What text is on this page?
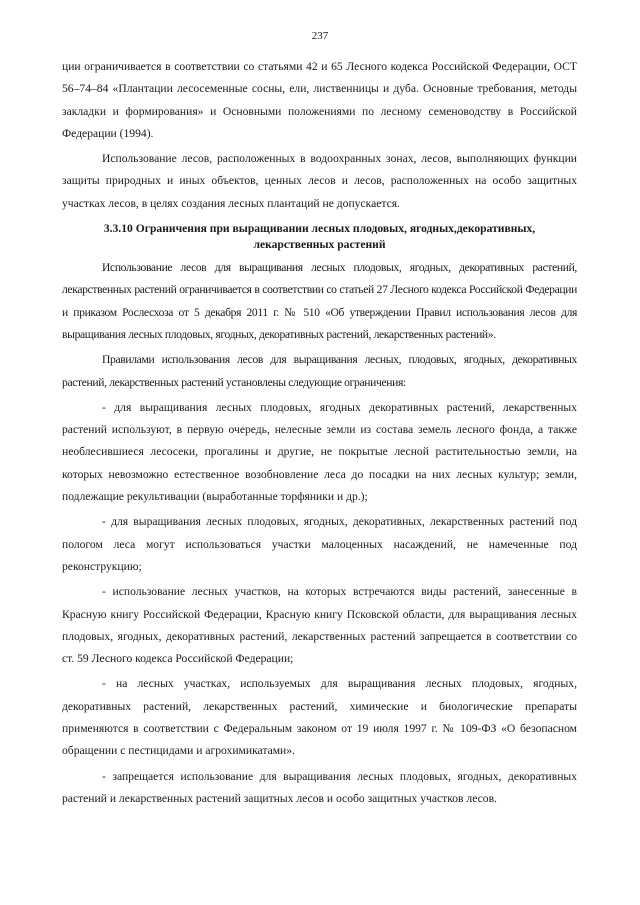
237

ции ограничивается в соответствии со статьями 42 и 65 Лесного кодекса Российской Федерации, ОСТ 56–74–84 «Плантации лесосеменные сосны, ели, лиственницы и дуба. Основные требования, методы закладки и формирования» и Основными положениями по лесному семеноводству в Российской Федерации (1994).

Использование лесов, расположенных в водоохранных зонах, лесов, выполняющих функции защиты природных и иных объектов, ценных лесов и лесов, расположенных на особо защитных участках лесов, в целях создания лесных плантаций не допускается.

3.3.10 Ограничения при выращивании лесных плодовых, ягодных,декоративных,
лекарственных растений

Использование лесов для выращивания лесных плодовых, ягодных, декоративных растений, лекарственных растений ограничивается в соответствии со статьей 27 Лесного кодекса Российской Федерации и приказом Рослесхоза от 5 декабря 2011 г. № 510 «Об утверждении Правил использования лесов для выращивания лесных плодовых, ягодных, декоративных растений, лекарственных растений».

Правилами использования лесов для выращивания лесных, плодовых, ягодных, декоративных растений, лекарственных растений установлены следующие ограничения:

- для выращивания лесных плодовых, ягодных декоративных растений, лекарственных растений используют, в первую очередь, нелесные земли из состава земель лесного фонда, а также необлесившиеся лесосеки, прогалины и другие, не покрытые лесной растительностью земли, на которых невозможно естественное возобновление леса до посадки на них лесных культур; земли, подлежащие рекультивации (выработанные торфяники и др.);

- для выращивания лесных плодовых, ягодных, декоративных, лекарственных растений под пологом леса могут использоваться участки малоценных насаждений, не намеченные под реконструкцию;

- использование лесных участков, на которых встречаются виды растений, занесенные в Красную книгу Российской Федерации, Красную книгу Псковской области, для выращивания лесных плодовых, ягодных, декоративных растений, лекарственных растений запрещается в соответствии со ст. 59 Лесного кодекса Российской Федерации;

- на лесных участках, используемых для выращивания лесных плодовых, ягодных, декоративных растений, лекарственных растений, химические и биологические препараты применяются в соответствии с Федеральным законом от 19 июля 1997 г. № 109-ФЗ «О безопасном обращении с пестицидами и агрохимикатами».

- запрещается использование для выращивания лесных плодовых, ягодных, декоративных растений и лекарственных растений защитных лесов и особо защитных участков лесов.
